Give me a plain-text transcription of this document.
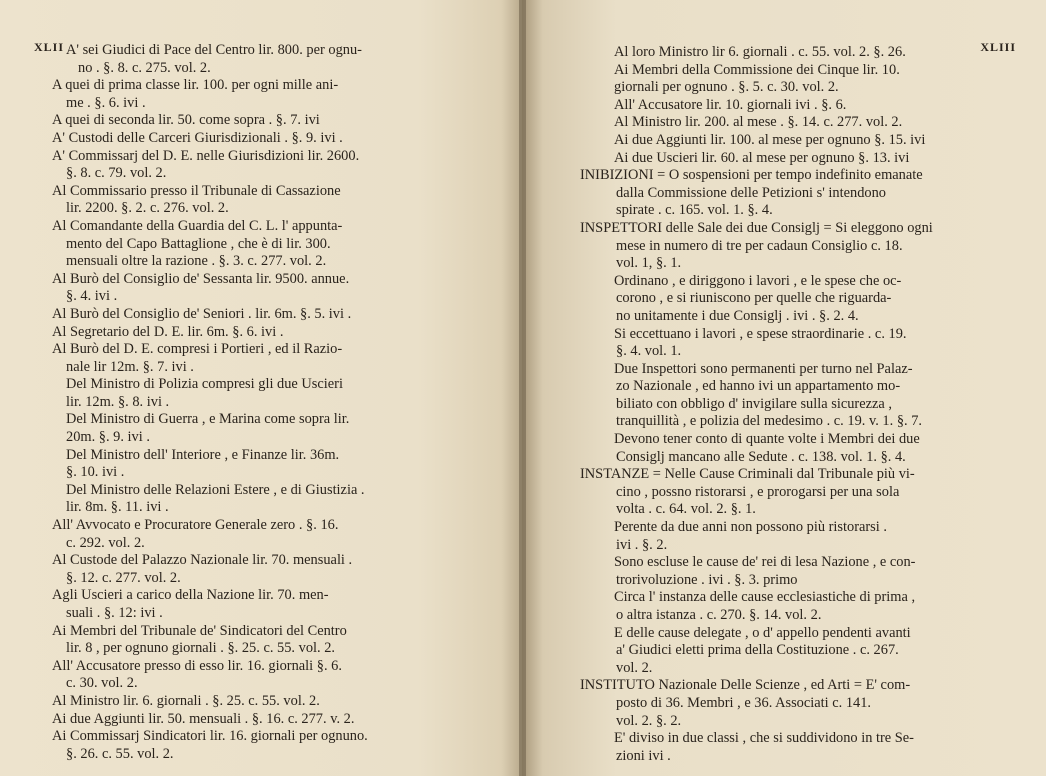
XLII A' sei Giudici di Pace del Centro lir. 800. per ognu-
no . §. 8. c. 275. vol. 2.
A quei di prima classe lir. 100. per ogni mille ani-
me . §. 6. ivi .
A quei di seconda lir. 50. come sopra . §. 7. ivi
A' Custodi delle Carceri Giurisdizionali . §. 9. ivi .
A' Commissarj del D. E. nelle Giurisdizioni lir. 2600.
§. 8. c. 79. vol. 2.
Al Commissario presso il Tribunale di Cassazione
lir. 2200. §. 2. c. 276. vol. 2.
Al Comandante della Guardia del C. L. l' appunta-
mento del Capo Battaglione , che è di lir. 300.
mensuali oltre la razione . §. 3. c. 277. vol. 2.
Al Burò del Consiglio de' Sessanta lir. 9500. annue.
§. 4. ivi .
Al Burò del Consiglio de' Seniori . lir. 6m. §. 5. ivi .
Al Segretario del D. E. lir. 6m. §. 6. ivi .
Al Burò del D. E. compresi i Portieri , ed il Razio-
nale lir 12m. §. 7. ivi .
Del Ministro di Polizia compresi gli due Uscieri
lir. 12m. §. 8. ivi .
Del Ministro di Guerra , e Marina come sopra lir.
20m. §. 9. ivi .
Del Ministro dell' Interiore , e Finanze lir. 36m.
§. 10. ivi .
Del Ministro delle Relazioni Estere , e di Giustizia .
lir. 8m. §. 11. ivi .
All' Avvocato e Procuratore Generale zero . §. 16.
c. 292. vol. 2.
Al Custode del Palazzo Nazionale lir. 70. mensuali .
§. 12. c. 277. vol. 2.
Agli Uscieri a carico della Nazione lir. 70. men-
suali . §. 12: ivi .
Ai Membri del Tribunale de' Sindicatori del Centro
lir. 8 , per ognuno giornali . §. 25. c. 55. vol. 2.
All' Accusatore presso di esso lir. 16. giornali §. 6.
c. 30. vol. 2.
Al Ministro lir. 6. giornali . §. 25. c. 55. vol. 2.
Ai due Aggiunti lir. 50. mensuali . §. 16. c. 277. v. 2.
Ai Commissarj Sindicatori lir. 16. giornali per ognuno.
§. 26. c. 55. vol. 2.
XLIII
Al loro Ministro lir 6. giornali . c. 55. vol. 2. §. 26.
Ai Membri della Commissione dei Cinque lir. 10.
giornali per ognuno . §. 5. c. 30. vol. 2.
All' Accusatore lir. 10. giornali ivi . §. 6.
Al Ministro lir. 200. al mese . §. 14. c. 277. vol. 2.
Ai due Aggiunti lir. 100. al mese per ognuno §. 15. ivi
Ai due Uscieri lir. 60. al mese per ognuno §. 13. ivi
INIBIZIONI = O sospensioni per tempo indefinito emanate
dalla Commissione delle Petizioni s' intendono
spirate . c. 165. vol. 1. §. 4.
INSPETTORI delle Sale dei due Consiglj = Si eleggono ogni
mese in numero di tre per cadaun Consiglio c. 18.
vol. 1, §. 1.
Ordinano , e diriggono i lavori , e le spese che oc-
corono , e si riuniscono per quelle che riguarda-
no unitamente i due Consiglj . ivi . §. 2. 4.
Si eccettuano i lavori , e spese straordinarie . c. 19.
§. 4. vol. 1.
Due Inspettori sono permanenti per turno nel Palaz-
zo Nazionale , ed hanno ivi un appartamento mo-
biliato con obbligo d' invigilare sulla sicurezza ,
tranquillità , e polizia del medesimo . c. 19. v. 1. §. 7.
Devono tener conto di quante volte i Membri dei due
Consiglj mancano alle Sedute . c. 138. vol. 1. §. 4.
INSTANZE = Nelle Cause Criminali dal Tribunale più vi-
cino , possno ristorarsi , e prorogarsi per una sola
volta . c. 64. vol. 2. §. 1.
Perente da due anni non possono più ristorarsi .
ivi . §. 2.
Sono escluse le cause de' rei di lesa Nazione , e con-
trorivoluzione . ivi . §. 3. primo
Circa l' instanza delle cause ecclesiastiche di prima ,
o altra istanza . c. 270. §. 14. vol. 2.
E delle cause delegate , o d' appello pendenti avanti
a' Giudici eletti prima della Costituzione . c. 267.
vol. 2.
INSTITUTO Nazionale Delle Scienze , ed Arti = E' com-
posto di 36. Membri , e 36. Associati c. 141.
vol. 2. §. 2.
E' diviso in due classi , che si suddividono in tre Se-
zioni ivi .
